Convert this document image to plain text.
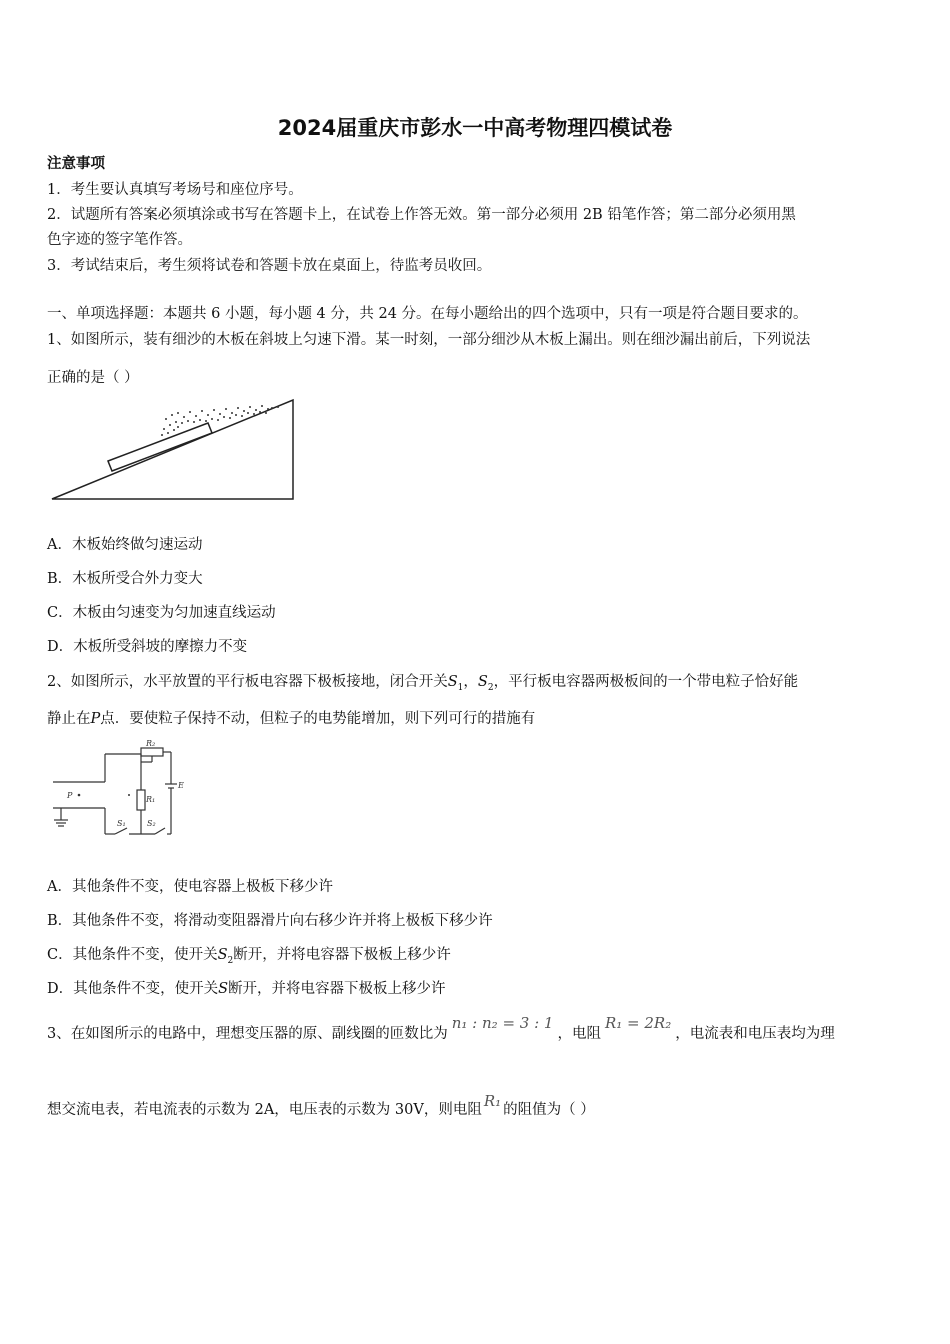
2024届重庆市彭水一中高考物理四模试卷
注意事项
1．考生要认真填写考场号和座位序号。
2．试题所有答案必须填涂或书写在答题卡上，在试卷上作答无效。第一部分必须用 2B 铅笔作答；第二部分必须用黑
色字迹的签字笔作答。
3．考试结束后，考生须将试卷和答题卡放在桌面上，待监考员收回。
一、单项选择题：本题共 6 小题，每小题 4 分，共 24 分。在每小题给出的四个选项中，只有一项是符合题目要求的。
1、如图所示，装有细沙的木板在斜坡上匀速下滑。某一时刻，一部分细沙从木板上漏出。则在细沙漏出前后，下列说法
正确的是（ ）
A．木板始终做匀速运动
B．木板所受合外力变大
C．木板由匀速变为匀加速直线运动
D．木板所受斜坡的摩擦力不变
2、如图所示，水平放置的平行板电容器下极板接地，闭合开关$S_1$，$S_2$，平行板电容器两极板间的一个带电粒子恰好能
静止在P点．要使粒子保持不动，但粒子的电势能增加，则下列可行的措施有
R₂
R₁
E
P
S₁	S₂
A．其他条件不变，使电容器上极板下移少许
B．其他条件不变，将滑动变阻器滑片向右移少许并将上极板下移少许
C．其他条件不变，使开关$S_2$断开，并将电容器下极板上移少许
D．其他条件不变，使开关S断开，并将电容器下极板上移少许
3、在如图所示的电路中，理想变压器的原、副线圈的匝数比为n₁ : n₂ = 3 : 1，电阻R₁ = 2R₂，电流表和电压表均为理
想交流电表，若电流表的示数为 2A，电压表的示数为 30V，则电阻 R₁ 的阻值为（ ）
